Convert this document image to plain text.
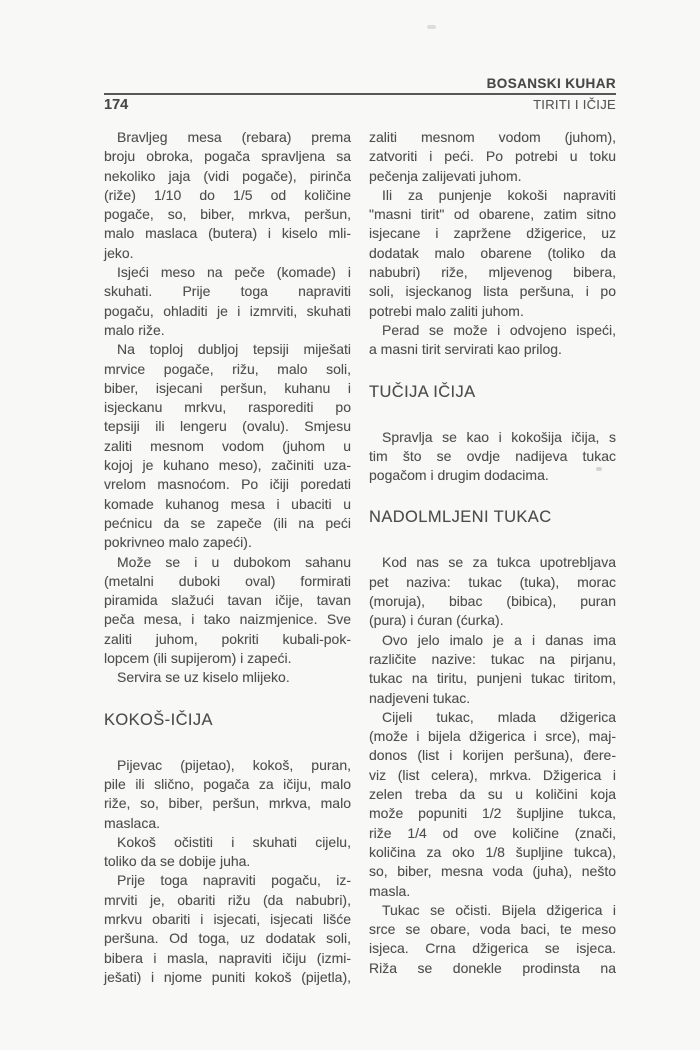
BOSANSKI KUHAR
174	TIRITI I IČIJE
Bravljeg mesa (rebara) prema
broju obroka, pogača spravljena sa
nekoliko jaja (vidi pogače), pirinča
(riže) 1/10 do 1/5 od količine
pogače, so, biber, mrkva, peršun,
malo maslaca (butera) i kiselo mli-
jeko.
Isjeći meso na peče (komade) i
skuhati. Prije toga napraviti
pogaču, ohladiti je i izmrviti, skuhati
malo riže.
Na toploj dubljoj tepsiji miješati
mrvice pogače, rižu, malo soli,
biber, isjecani peršun, kuhanu i
isjeckanu mrkvu, rasporediti po
tepsiji ili lengeru (ovalu). Smjesu
zaliti mesnom vodom (juhom u
kojoj je kuhano meso), začiniti uza-
vrelom masnoćom. Po ičiji poredati
komade kuhanog mesa i ubaciti u
pećnicu da se zapeče (ili na peći
pokrivneo malo zapeći).
Može se i u dubokom sahanu
(metalni duboki oval) formirati
piramida slažući tavan ičije, tavan
peča mesa, i tako naizmjenice. Sve
zaliti juhom, pokriti kubali-pok-
lopcem (ili supijerom) i zapeći.
Servira se uz kiselo mlijeko.
KOKOŠ-IČIJA
Pijevac (pijetao), kokoš, puran,
pile ili slično, pogača za ičiju, malo
riže, so, biber, peršun, mrkva, malo
maslaca.
Kokoš očistiti i skuhati cijelu,
toliko da se dobije juha.
Prije toga napraviti pogaču, iz-
mrviti je, obariti rižu (da nabubri),
mrkvu obariti i isjecati, isjecati lišće
peršuna. Od toga, uz dodatak soli,
bibera i masla, napraviti ičiju (izmi-
ješati) i njome puniti kokoš (pijetla),
zaliti mesnom vodom (juhom),
zatvoriti i peći. Po potrebi u toku
pečenja zalijevati juhom.
Ili za punjenje kokoši napraviti
"masni tirit" od obarene, zatim sitno
isjecane i zapržene džigerice, uz
dodatak malo obarene (toliko da
nabubri) riže, mljevenog bibera,
soli, isjeckanog lista peršuna, i po
potrebi malo zaliti juhom.
Perad se može i odvojeno ispeći,
a masni tirit servirati kao prilog.
TUČIJA IČIJA
Spravlja se kao i kokošija ičija, s
tim što se ovdje nadijeva tukac
pogačom i drugim dodacima.
NADOLMLJENI TUKAC
Kod nas se za tukca upotrebljava
pet naziva: tukac (tuka), morac
(moruja), bibac (bibica), puran
(pura) i ćuran (ćurka).
Ovo jelo imalo je a i danas ima
različite nazive: tukac na pirjanu,
tukac na tiritu, punjeni tukac tiritom,
nadjeveni tukac.
Cijeli tukac, mlada džigerica
(može i bijela džigerica i srce), maj-
donos (list i korijen peršuna), đere-
viz (list celera), mrkva. Džigerica i
zelen treba da su u količini koja
može popuniti 1/2 šupljine tukca,
riže 1/4 od ove količine (znači,
količina za oko 1/8 šupljine tukca),
so, biber, mesna voda (juha), nešto
masla.
Tukac se očisti. Bijela džigerica i
srce se obare, voda baci, te meso
isjeca. Crna džigerica se isjeca.
Riža se donekle prodinsta na
